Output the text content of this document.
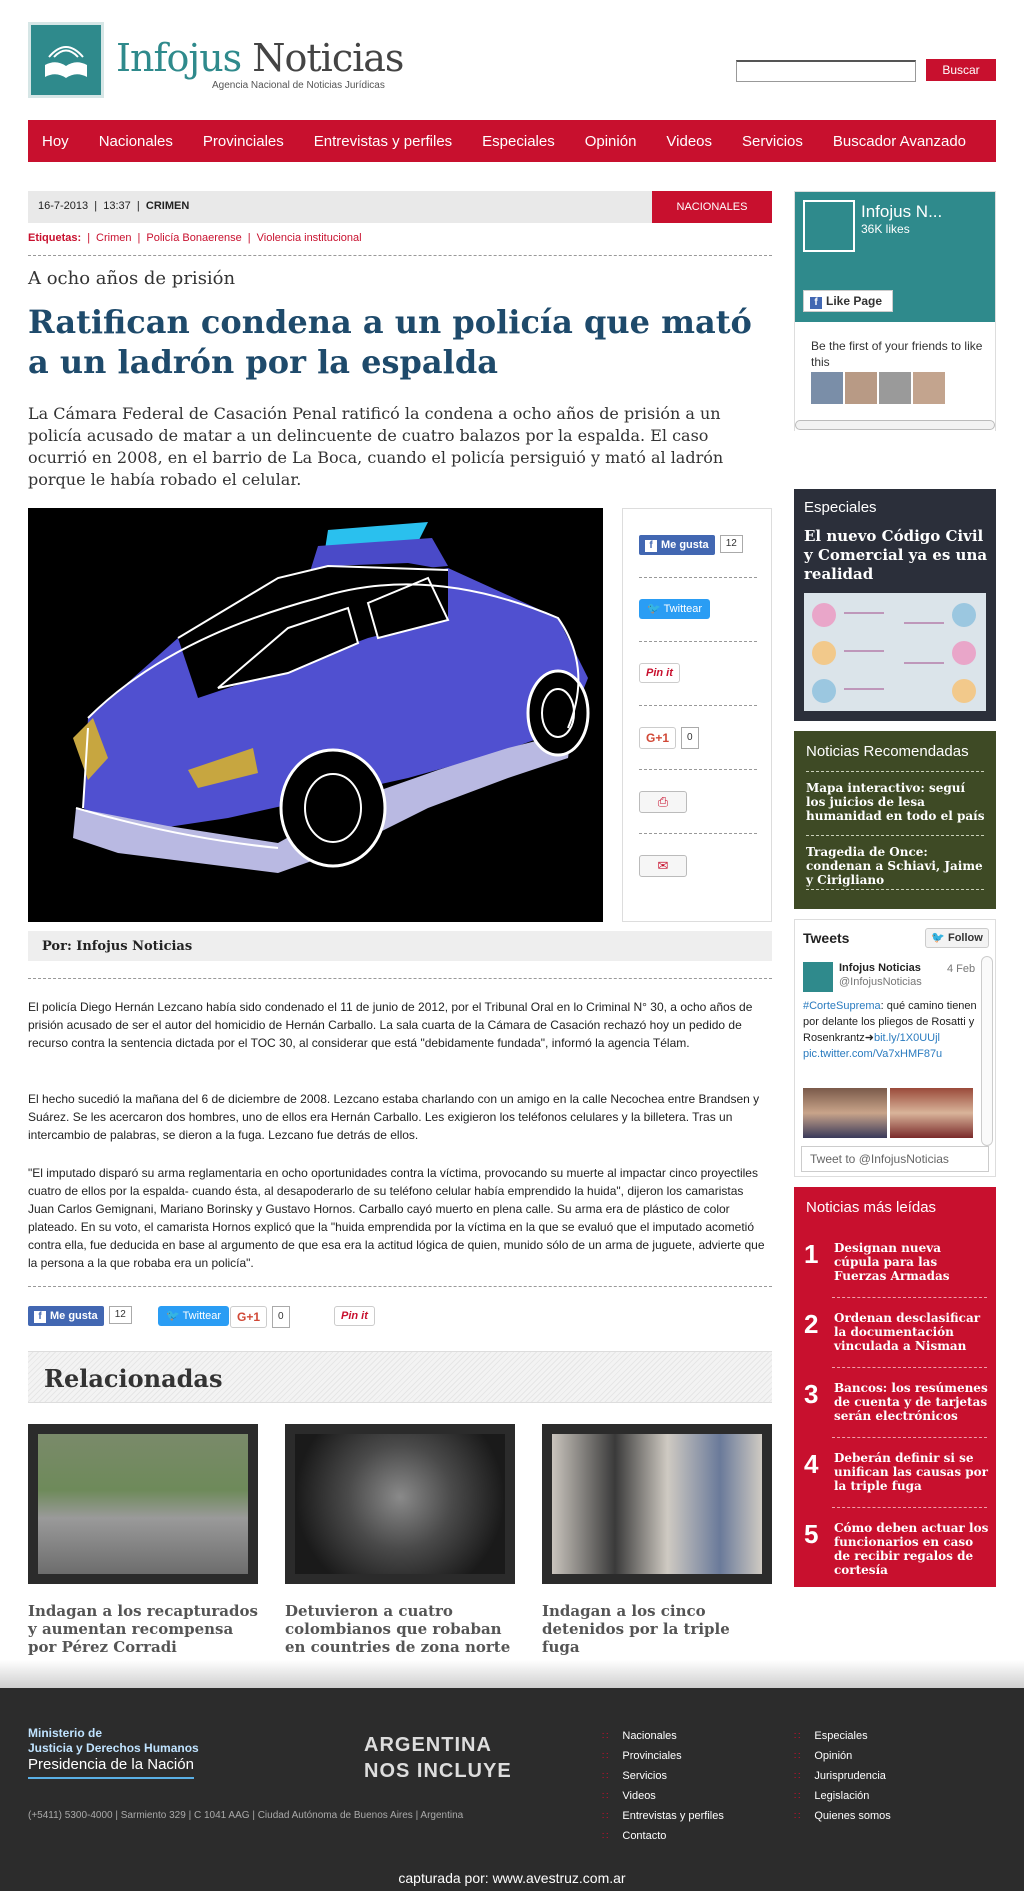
Infojus Noticias
Agencia Nacional de Noticias Jurídicas
Buscar
Hoy Nacionales Provinciales Entrevistas y perfiles Especiales Opinión Videos Servicios Buscador Avanzado
16-7-2013  |  13:37  |  CRIMEN	NACIONALES
Etiquetas: | Crimen | Policía Bonaerense | Violencia institucional
A ocho años de prisión
Ratifican condena a un policía que mató a un ladrón por la espalda

La Cámara Federal de Casación Penal ratificó la condena a ocho años de prisión a un policía acusado de matar a un delincuente de cuatro balazos por la espalda. El caso ocurrió en 2008, en el barrio de La Boca, cuando el policía persiguió y mató al ladrón porque le había robado el celular.

f Me gusta 12
🐦 Twittear
Pin it
G+1 0
⎙
✉
Por: Infojus Noticias

El policía Diego Hernán Lezcano había sido condenado el 11 de junio de 2012, por el Tribunal Oral en lo Criminal N° 30, a ocho años de prisión acusado de ser el autor del homicidio de Hernán Carballo. La sala cuarta de la Cámara de Casación rechazó hoy un pedido de recurso contra la sentencia dictada por el TOC 30, al considerar que está "debidamente fundada", informó la agencia Télam.

El hecho sucedió la mañana del 6 de diciembre de 2008. Lezcano estaba charlando con un amigo en la calle Necochea entre Brandsen y Suárez. Se les acercaron dos hombres, uno de ellos era Hernán Carballo. Les exigieron los teléfonos celulares y la billetera. Tras un intercambio de palabras, se dieron a la fuga. Lezcano fue detrás de ellos.

"El imputado disparó su arma reglamentaria en ocho oportunidades contra la víctima, provocando su muerte al impactar cinco proyectiles cuatro de ellos por la espalda- cuando ésta, al desapoderarlo de su teléfono celular había emprendido la huida", dijeron los camaristas Juan Carlos Gemignani, Mariano Borinsky y Gustavo Hornos. Carballo cayó muerto en plena calle. Su arma era de plástico de color plateado. En su voto, el camarista Hornos explicó que la "huida emprendida por la víctima en la que se evaluó que el imputado acometió contra ella, fue deducida en base al argumento de que esa era la actitud lógica de quien, munido sólo de un arma de juguete, advierte que la persona a la que robaba era un policía".

f Me gusta 12	🐦 Twittear	G+1 0	Pin it
Relacionadas
Indagan a los recapturados y aumentan recompensa por Pérez Corradi
Detuvieron a cuatro colombianos que robaban en countries de zona norte
Indagan a los cinco detenidos por la triple fuga
Infojus N...
36K likes
f Like Page
Be the first of your friends to like this
Especiales
El nuevo Código Civil y Comercial ya es una realidad
Noticias Recomendadas
Mapa interactivo: seguí los juicios de lesa humanidad en todo el país
Tragedia de Once: condenan a Schiavi, Jaime y Cirigliano
Tweets	🐦 Follow
Infojus Noticias
@InfojusNoticias
4 Feb
#CorteSuprema: qué camino tienen por delante los pliegos de Rosatti y Rosenkrantz➜bit.ly/1X0UUjl
pic.twitter.com/Va7xHMF87u
Tweet to @InfojusNoticias
Noticias más leídas
1 Designan nueva cúpula para las Fuerzas Armadas
2 Ordenan desclasificar la documentación vinculada a Nisman
3 Bancos: los resúmenes de cuenta y de tarjetas serán electrónicos
4 Deberán definir si se unifican las causas por la triple fuga
5 Cómo deben actuar los funcionarios en caso de recibir regalos de cortesía
Ministerio de
Justicia y Derechos Humanos
Presidencia de la Nación
ARGENTINA
NOS INCLUYE
(+5411) 5300-4000 | Sarmiento 329 | C 1041 AAG | Ciudad Autónoma de Buenos Aires | Argentina
∷ Nacionales
∷ Provinciales
∷ Servicios
∷ Videos
∷ Entrevistas y perfiles
∷ Contacto
∷ Especiales
∷ Opinión
∷ Jurisprudencia
∷ Legislación
∷ Quienes somos
capturada por: www.avestruz.com.ar
